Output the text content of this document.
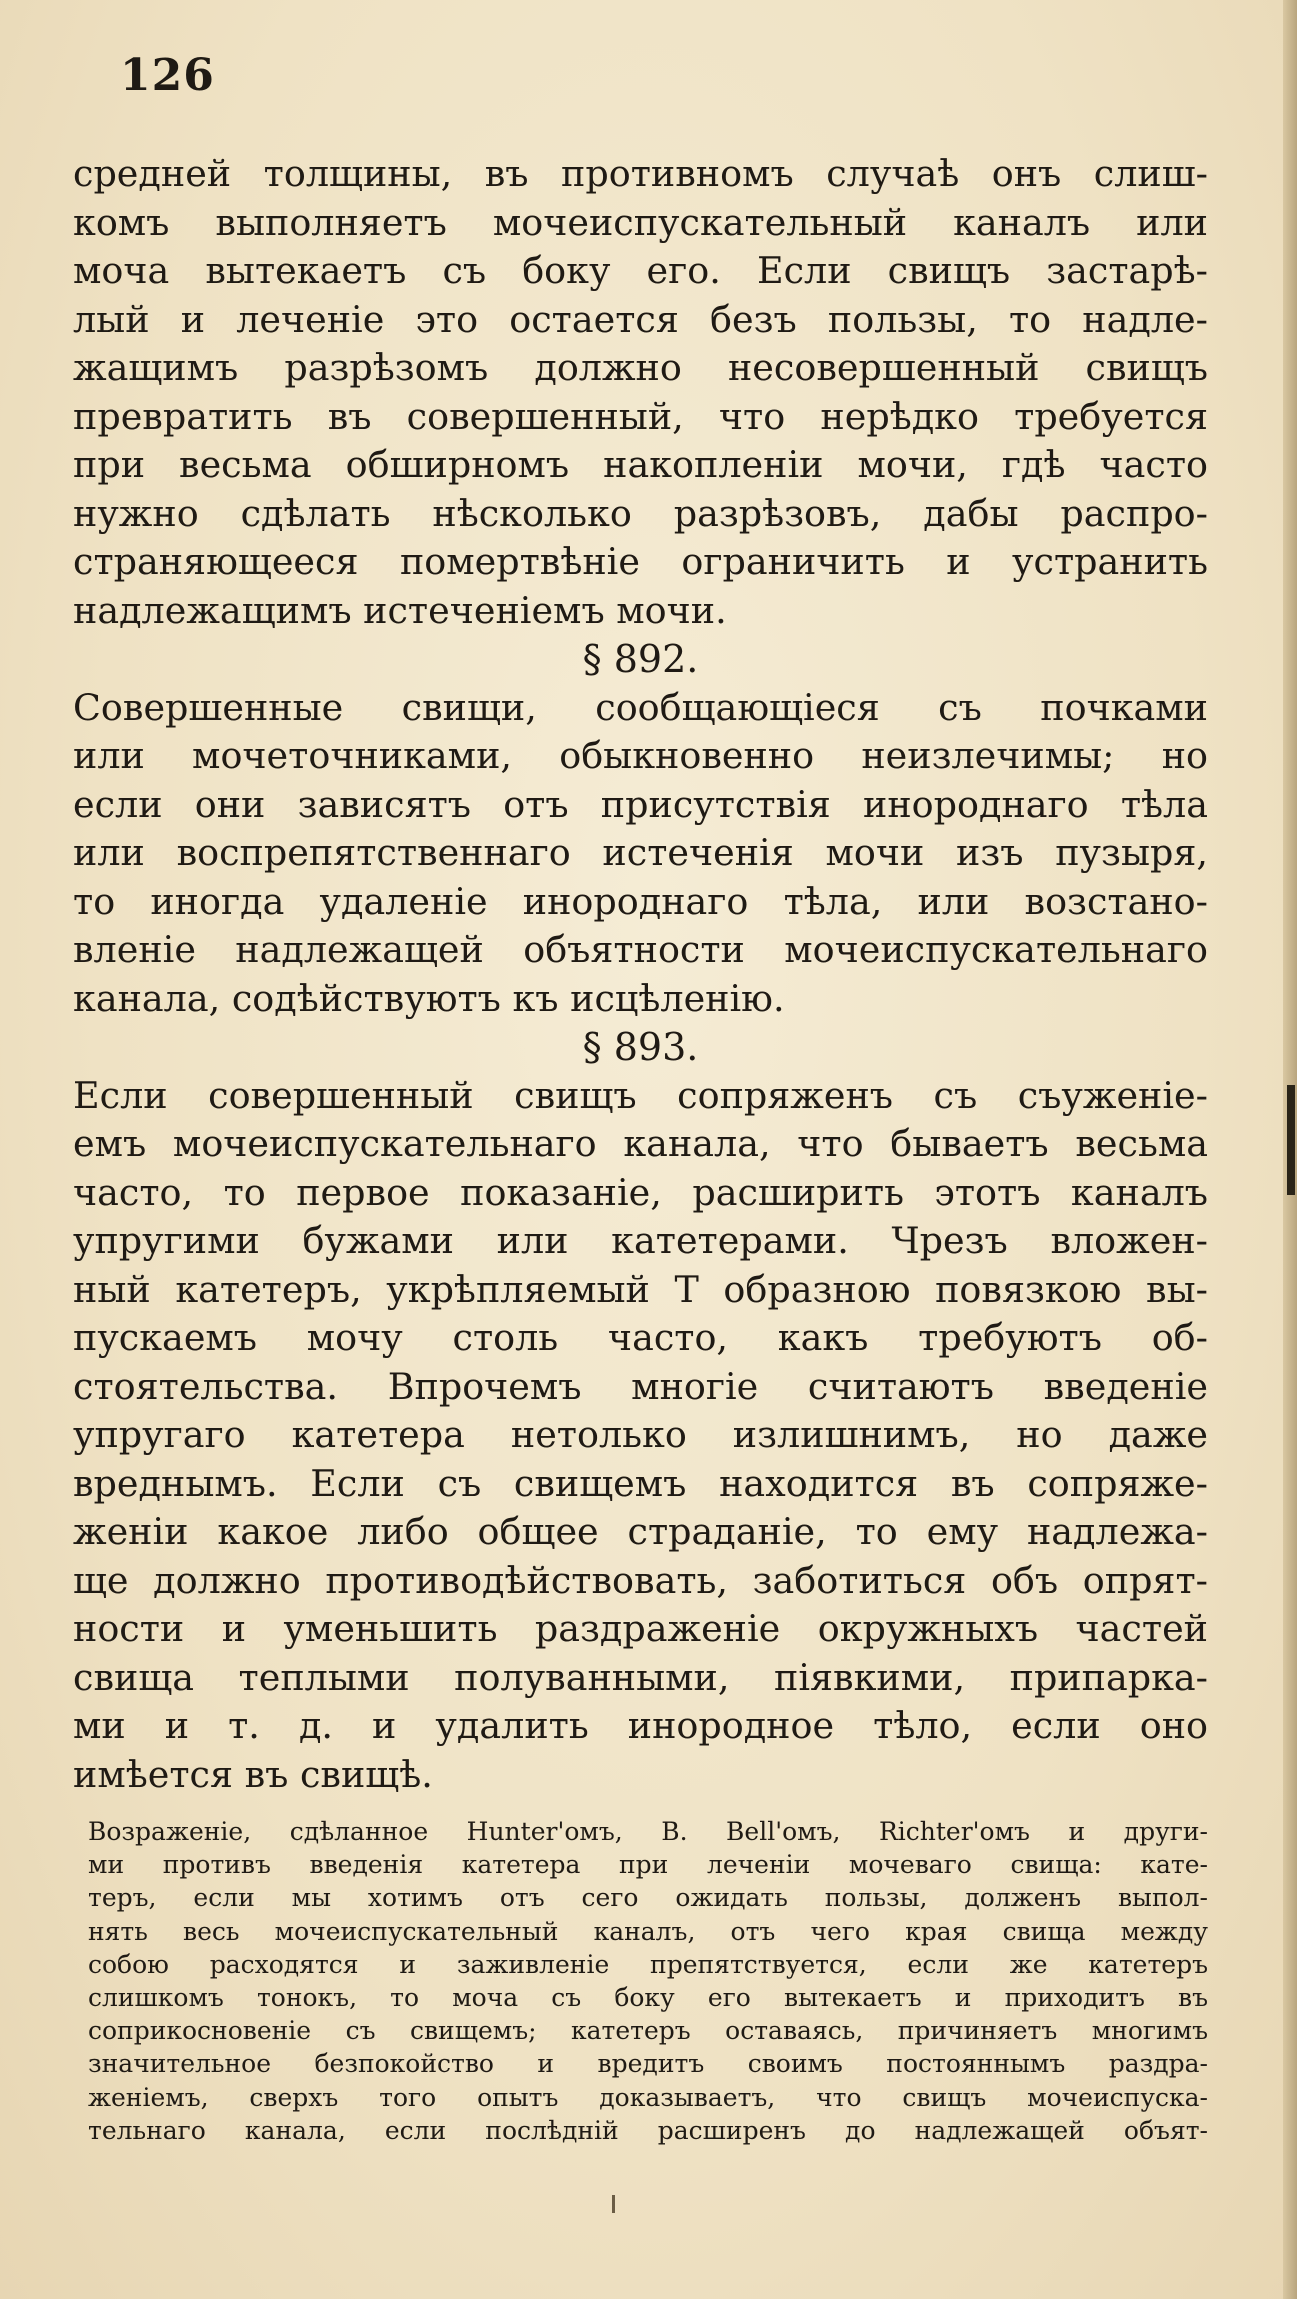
126
средней толщины, въ противномъ случаѣ онъ слиш-
комъ выполняетъ мочеиспускательный каналъ или
моча вытекаетъ съ боку его. Если свищъ застарѣ-
лый и леченіе это остается безъ пользы, то надле-
жащимъ разрѣзомъ должно несовершенный свищъ
превратить въ совершенный, что нерѣдко требуется
при весьма обширномъ накопленіи мочи, гдѣ часто
нужно сдѣлать нѣсколько разрѣзовъ, дабы распро-
страняющееся помертвѣніе ограничить и устранить
надлежащимъ истеченіемъ мочи.
§ 892.
Совершенные свищи, сообщающіеся съ почками
или мочеточниками, обыкновенно неизлечимы; но
если они зависятъ отъ присутствія инороднаго тѣла
или воспрепятственнаго истеченія мочи изъ пузыря,
то иногда удаленіе инороднаго тѣла, или возстано-
вленіе надлежащей объятности мочеиспускательнаго
канала, содѣйствуютъ къ исцѣленію.
§ 893.
Если совершенный свищъ сопряженъ съ съуженіе-
емъ мочеиспускательнаго канала, что бываетъ весьма
часто, то первое показаніе, расширить этотъ каналъ
упругими бужами или катетерами. Чрезъ вложен-
ный катетеръ, укрѣпляемый Т образною повязкою вы-
пускаемъ мочу столь часто, какъ требуютъ об-
стоятельства. Впрочемъ многіе считаютъ введеніе
упругаго катетера нетолько излишнимъ, но даже
вреднымъ. Если съ свищемъ находится въ сопряже-
женіи какое либо общее страданіе, то ему надлежа-
ще должно противодѣйствовать, заботиться объ опрят-
ности и уменьшить раздраженіе окружныхъ частей
свища теплыми полуванными, піявкими, припарка-
ми и т. д. и удалить инородное тѣло, если оно
имѣется въ свищѣ.
Возраженіе, сдѣланное Hunter'омъ, B. Bell'омъ, Richter'омъ и други-
ми противъ введенія катетера при леченіи мочеваго свища: кате-
теръ, если мы хотимъ отъ сего ожидать пользы, долженъ выпол-
нять весь мочеиспускательный каналъ, отъ чего края свища между
собою расходятся и заживленіе препятствуется, если же катетеръ
слишкомъ тонокъ, то моча съ боку его вытекаетъ и приходитъ въ
соприкосновеніе съ свищемъ; катетеръ оставаясь, причиняетъ многимъ
значительное безпокойство и вредитъ своимъ постояннымъ раздра-
женіемъ, сверхъ того опытъ доказываетъ, что свищъ мочеиспуска-
тельнаго канала, если послѣдній расширенъ до надлежащей объят-
